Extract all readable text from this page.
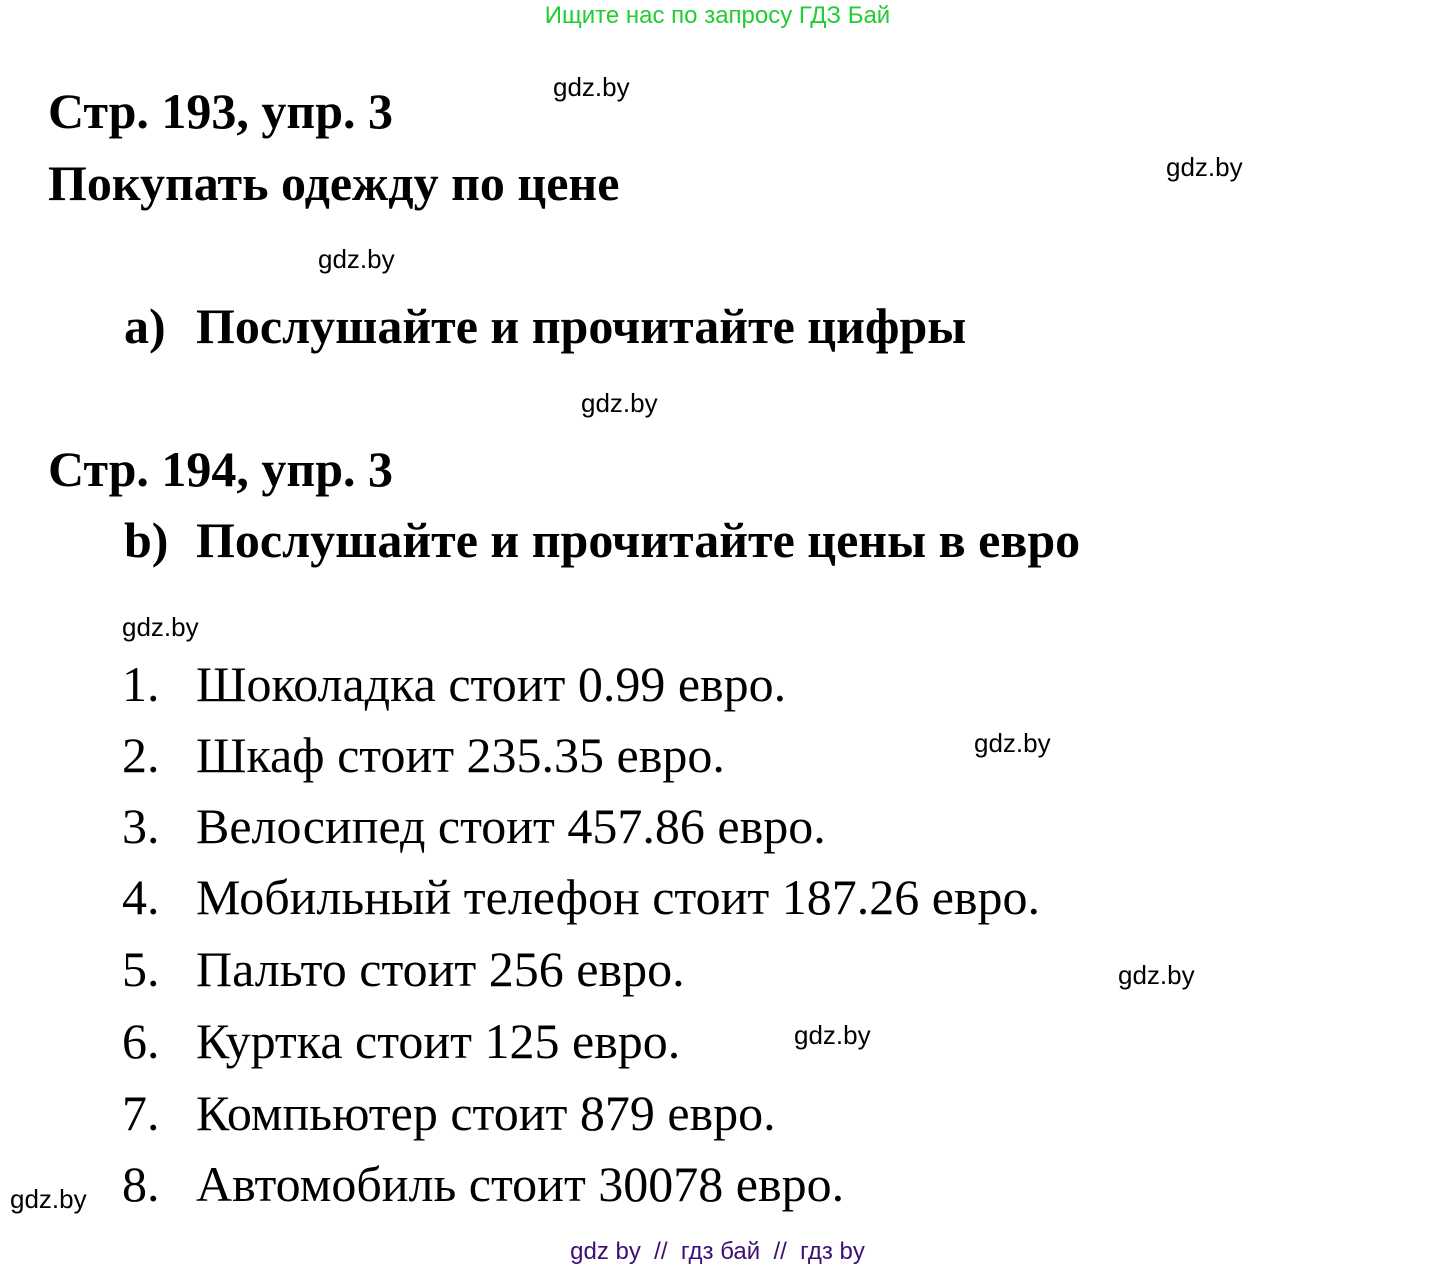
Ищите нас по запросу ГДЗ Бай
Стр. 193, упр. 3
Покупать одежду по цене
a) Послушайте и прочитайте цифры
Стр. 194, упр. 3
b) Послушайте и прочитайте цены в евро
1. Шоколадка стоит 0.99 евро.
2. Шкаф стоит 235.35 евро.
3. Велосипед стоит 457.86 евро.
4. Мобильный телефон стоит 187.26 евро.
5. Пальто стоит 256 евро.
6. Куртка стоит 125 евро.
7. Компьютер стоит 879 евро.
8. Автомобиль стоит 30078 евро.
gdz.by
gdz.by
gdz.by
gdz.by
gdz.by
gdz.by
gdz.by
gdz.by
gdz.by
gdz by  //  гдз бай  //  гдз by
